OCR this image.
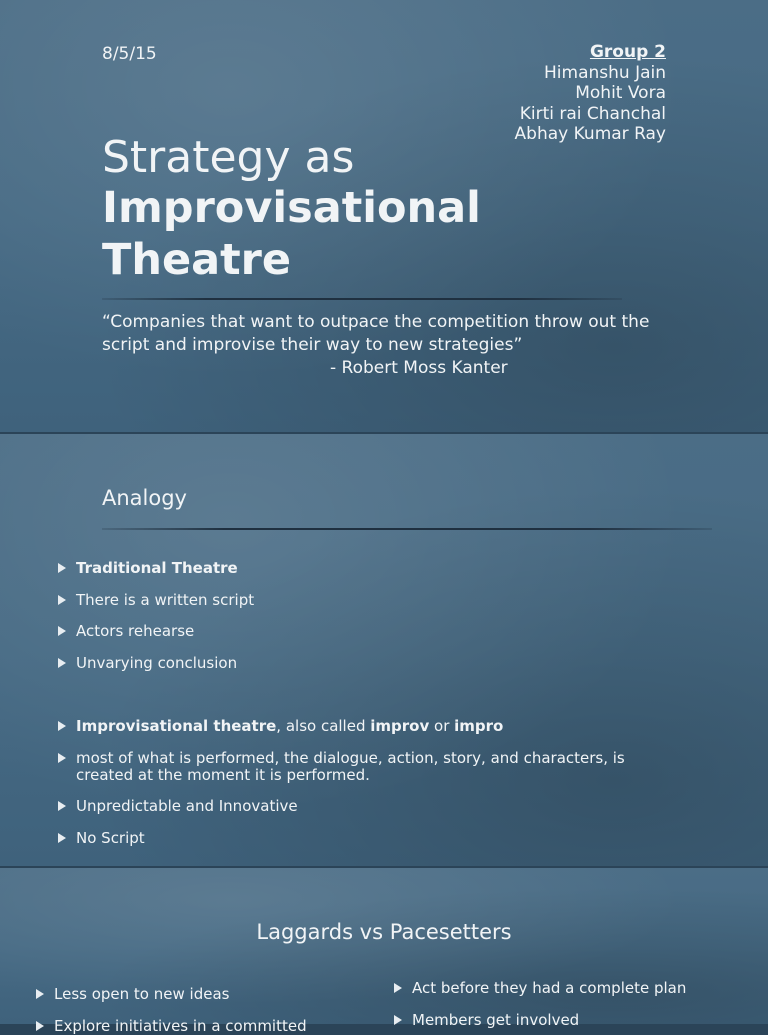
8/5/15	Group 2
Himanshu Jain
Mohit Vora
Kirti rai Chanchal
Abhay Kumar Ray
Strategy as
Improvisational
Theatre
“Companies that want to outpace the competition throw out the script and improvise their way to new strategies”
- Robert Moss Kanter
Analogy
Traditional Theatre
There is a written script
Actors rehearse
Unvarying conclusion
Improvisational theatre, also called improv or impro
most of what is performed, the dialogue, action, story, and characters, is created at the moment it is performed.
Unpredictable and Innovative
No Script
Laggards vs Pacesetters
Less open to new ideas
Explore initiatives in a committed
Act before they had a complete plan
Members get involved
